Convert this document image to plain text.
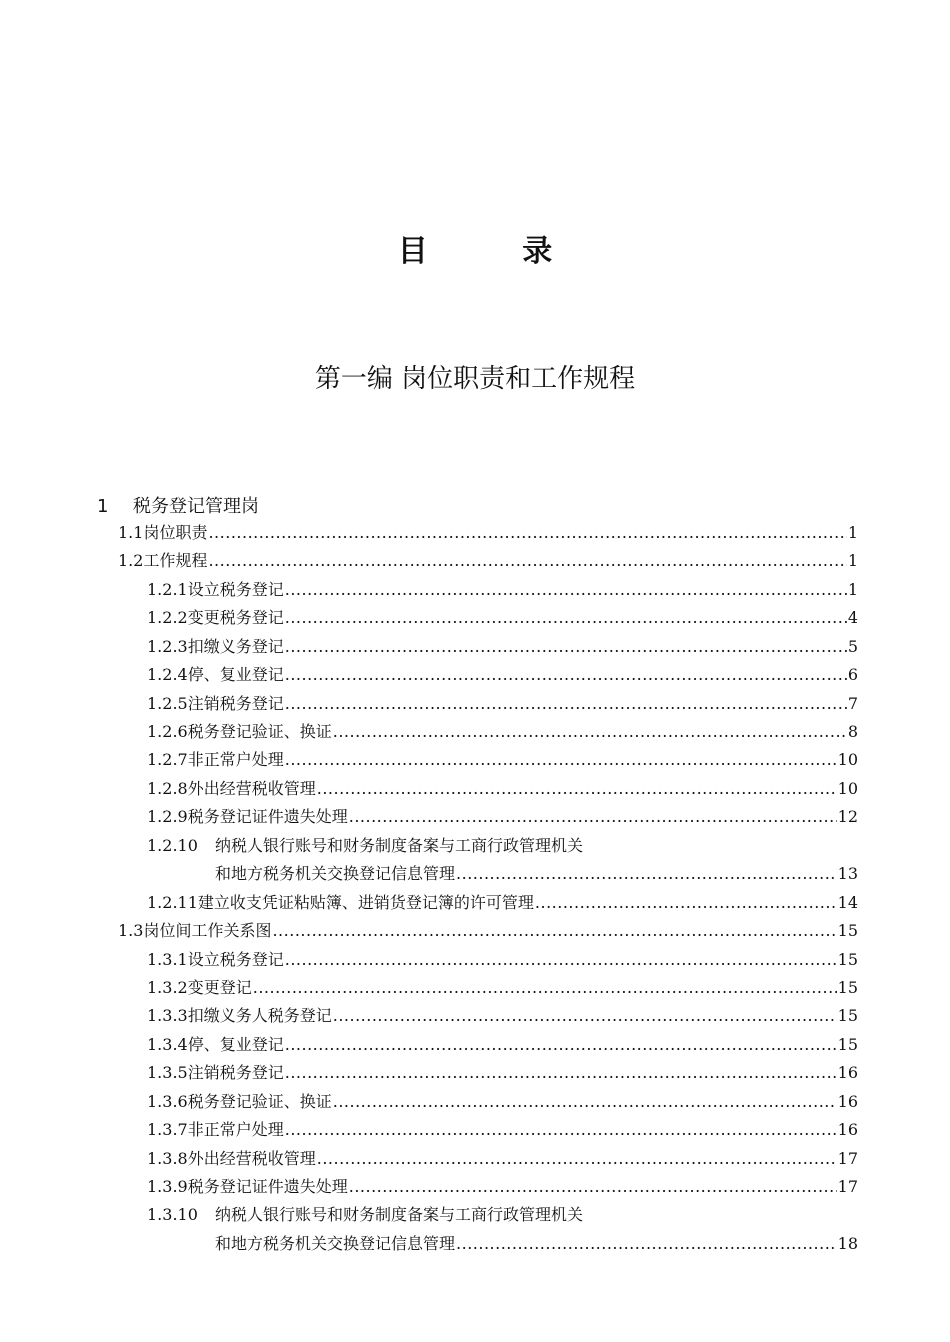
目 录
第一编 岗位职责和工作规程
1 税务登记管理岗
1.1 岗位职责 .....	1
1.2 工作规程 .....	1
1.2.1 设立税务登记 .....	1
1.2.2 变更税务登记 .....	4
1.2.3 扣缴义务登记 .....	5
1.2.4 停、复业登记 .....	6
1.2.5 注销税务登记 .....	7
1.2.6 税务登记验证、换证 .....	8
1.2.7 非正常户处理 .....	10
1.2.8 外出经营税收管理 .....	10
1.2.9 税务登记证件遗失处理 .....	12
1.2.10	纳税人银行账号和财务制度备案与工商行政管理机关
和地方税务机关交换登记信息管理 .....	13
1.2.11 建立收支凭证粘贴簿、进销货登记簿的许可管理 .....	14
1.3 岗位间工作关系图 .....	15
1.3.1 设立税务登记 .....	15
1.3.2 变更登记 .....	15
1.3.3 扣缴义务人税务登记 .....	15
1.3.4 停、复业登记 .....	15
1.3.5 注销税务登记 .....	16
1.3.6 税务登记验证、换证 .....	16
1.3.7 非正常户处理 .....	16
1.3.8 外出经营税收管理 .....	17
1.3.9 税务登记证件遗失处理 .....	17
1.3.10	纳税人银行账号和财务制度备案与工商行政管理机关
和地方税务机关交换登记信息管理 .....	18
